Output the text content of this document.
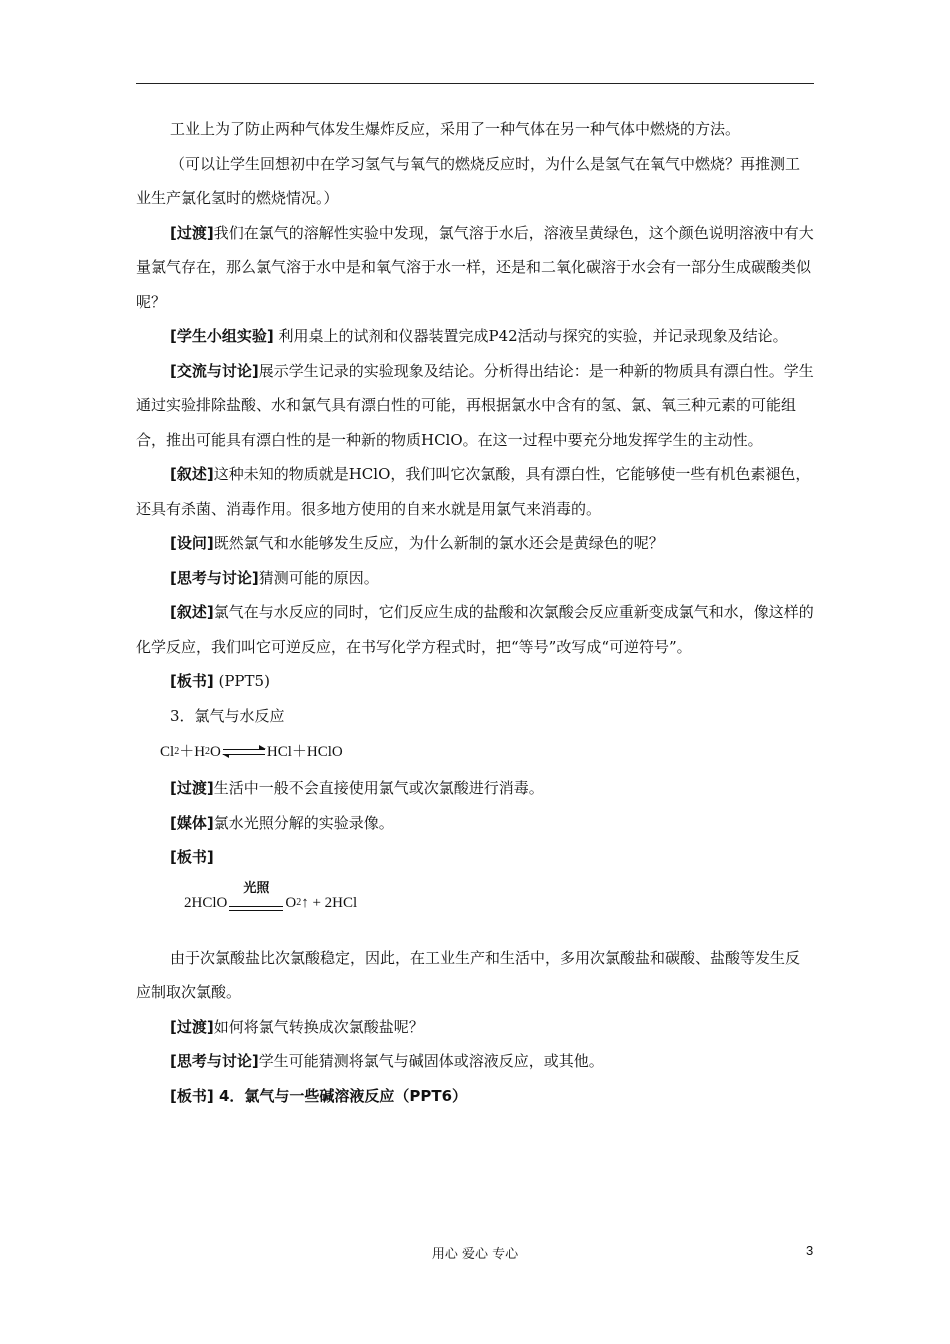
工业上为了防止两种气体发生爆炸反应，采用了一种气体在另一种气体中燃烧的方法。

（可以让学生回想初中在学习氢气与氧气的燃烧反应时，为什么是氢气在氧气中燃烧？再推测工业生产氯化氢时的燃烧情况。）

[过渡]我们在氯气的溶解性实验中发现，氯气溶于水后，溶液呈黄绿色，这个颜色说明溶液中有大量氯气存在，那么氯气溶于水中是和氧气溶于水一样，还是和二氧化碳溶于水会有一部分生成碳酸类似呢？

[学生小组实验] 利用桌上的试剂和仪器装置完成P42活动与探究的实验，并记录现象及结论。

[交流与讨论]展示学生记录的实验现象及结论。分析得出结论：是一种新的物质具有漂白性。学生通过实验排除盐酸、水和氯气具有漂白性的可能，再根据氯水中含有的氢、氯、氧三种元素的可能组合，推出可能具有漂白性的是一种新的物质HClO。在这一过程中要充分地发挥学生的主动性。

[叙述]这种未知的物质就是HClO，我们叫它次氯酸，具有漂白性，它能够使一些有机色素褪色，还具有杀菌、消毒作用。很多地方使用的自来水就是用氯气来消毒的。

[设问]既然氯气和水能够发生反应，为什么新制的氯水还会是黄绿色的呢？

[思考与讨论]猜测可能的原因。

[叙述]氯气在与水反应的同时，它们反应生成的盐酸和次氯酸会反应重新变成氯气和水，像这样的化学反应，我们叫它可逆反应，在书写化学方程式时，把“等号”改写成“可逆符号”。

[板书] (PPT5)

3．氯气与水反应

Cl 2 ＋H 2 O	HCl＋HClO

[过渡]生活中一般不会直接使用氯气或次氯酸进行消毒。

[媒体]氯水光照分解的实验录像。

[板书]

2HClO
光照
O 2 ↑
+ 2HCl

由于次氯酸盐比次氯酸稳定，因此，在工业生产和生活中，多用次氯酸盐和碳酸、盐酸等发生反应制取次氯酸。

[过渡]如何将氯气转换成次氯酸盐呢？

[思考与讨论]学生可能猜测将氯气与碱固体或溶液反应，或其他。

[板书] 4．氯气与一些碱溶液反应（PPT6）

用心 爱心 专心	3
